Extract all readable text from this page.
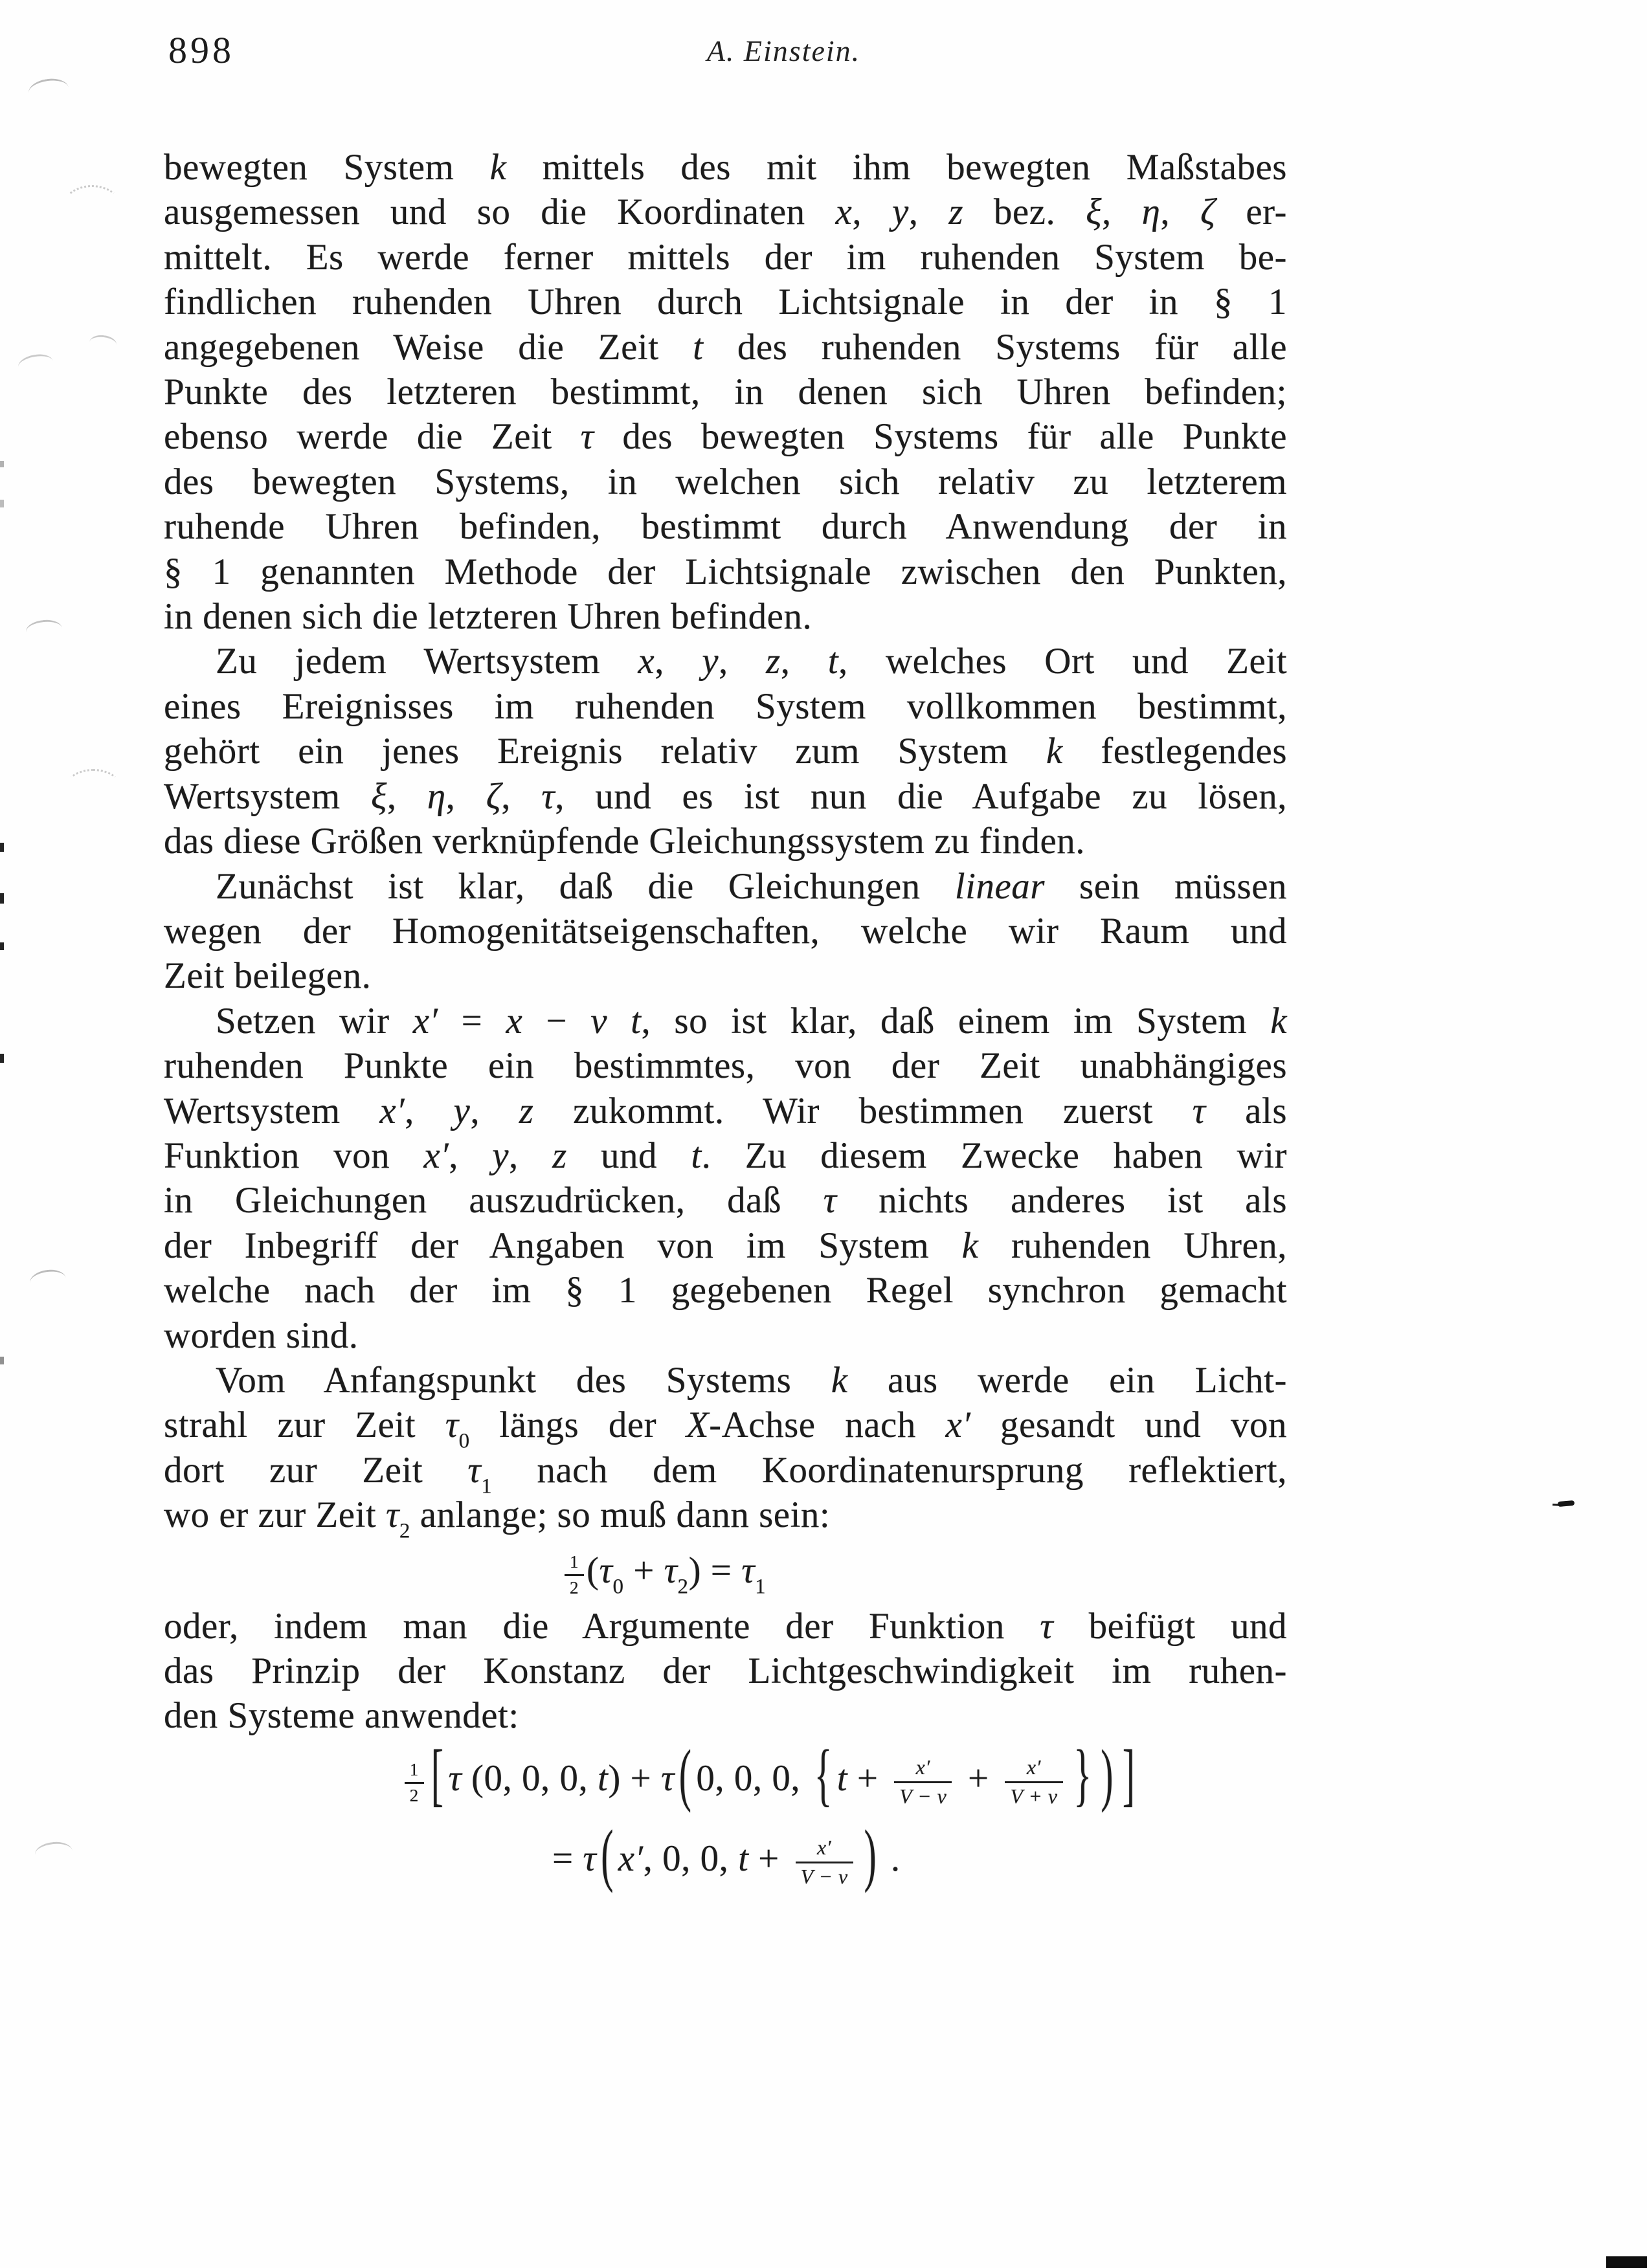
898	A. Einstein.
bewegten System k mittels des mit ihm bewegten Maßstabes
ausgemessen und so die Koordinaten x, y, z bez. ξ, η, ζ er-
mittelt. Es werde ferner mittels der im ruhenden System be-
findlichen ruhenden Uhren durch Lichtsignale in der in § 1
angegebenen Weise die Zeit t des ruhenden Systems für alle
Punkte des letzteren bestimmt, in denen sich Uhren befinden;
ebenso werde die Zeit τ des bewegten Systems für alle Punkte
des bewegten Systems, in welchen sich relativ zu letzterem
ruhende Uhren befinden, bestimmt durch Anwendung der in
§ 1 genannten Methode der Lichtsignale zwischen den Punkten,
in denen sich die letzteren Uhren befinden.
Zu jedem Wertsystem x, y, z, t, welches Ort und Zeit
eines Ereignisses im ruhenden System vollkommen bestimmt,
gehört ein jenes Ereignis relativ zum System k festlegendes
Wertsystem ξ, η, ζ, τ, und es ist nun die Aufgabe zu lösen,
das diese Größen verknüpfende Gleichungssystem zu finden.
Zunächst ist klar, daß die Gleichungen linear sein müssen
wegen der Homogenitätseigenschaften, welche wir Raum und
Zeit beilegen.
Setzen wir x′ = x − v t, so ist klar, daß einem im System k
ruhenden Punkte ein bestimmtes, von der Zeit unabhängiges
Wertsystem x′, y, z zukommt. Wir bestimmen zuerst τ als
Funktion von x′, y, z und t. Zu diesem Zwecke haben wir
in Gleichungen auszudrücken, daß τ nichts anderes ist als
der Inbegriff der Angaben von im System k ruhenden Uhren,
welche nach der im § 1 gegebenen Regel synchron gemacht
worden sind.
Vom Anfangspunkt des Systems k aus werde ein Licht-
strahl zur Zeit $\tau_0$ längs der X-Achse nach x′ gesandt und von
dort zur Zeit $\tau_1$ nach dem Koordinatenursprung reflektiert,
wo er zur Zeit $\tau_2$ anlange; so muß dann sein:
$\frac{1}{2} (\tau_0 + \tau_2) = \tau_1$
oder, indem man die Argumente der Funktion τ beifügt und
das Prinzip der Konstanz der Lichtgeschwindigkeit im ruhen-
den Systeme anwendet:
$\frac{1}{2}$ [ τ (0, 0, 0, t) + τ ( 0, 0, 0, { $t + \frac{x'}{V - v} + \frac{x'}{V + v}$ } ) ]
= τ ( x′, 0, 0, $t + \frac{x'}{V - v}$ ) .
